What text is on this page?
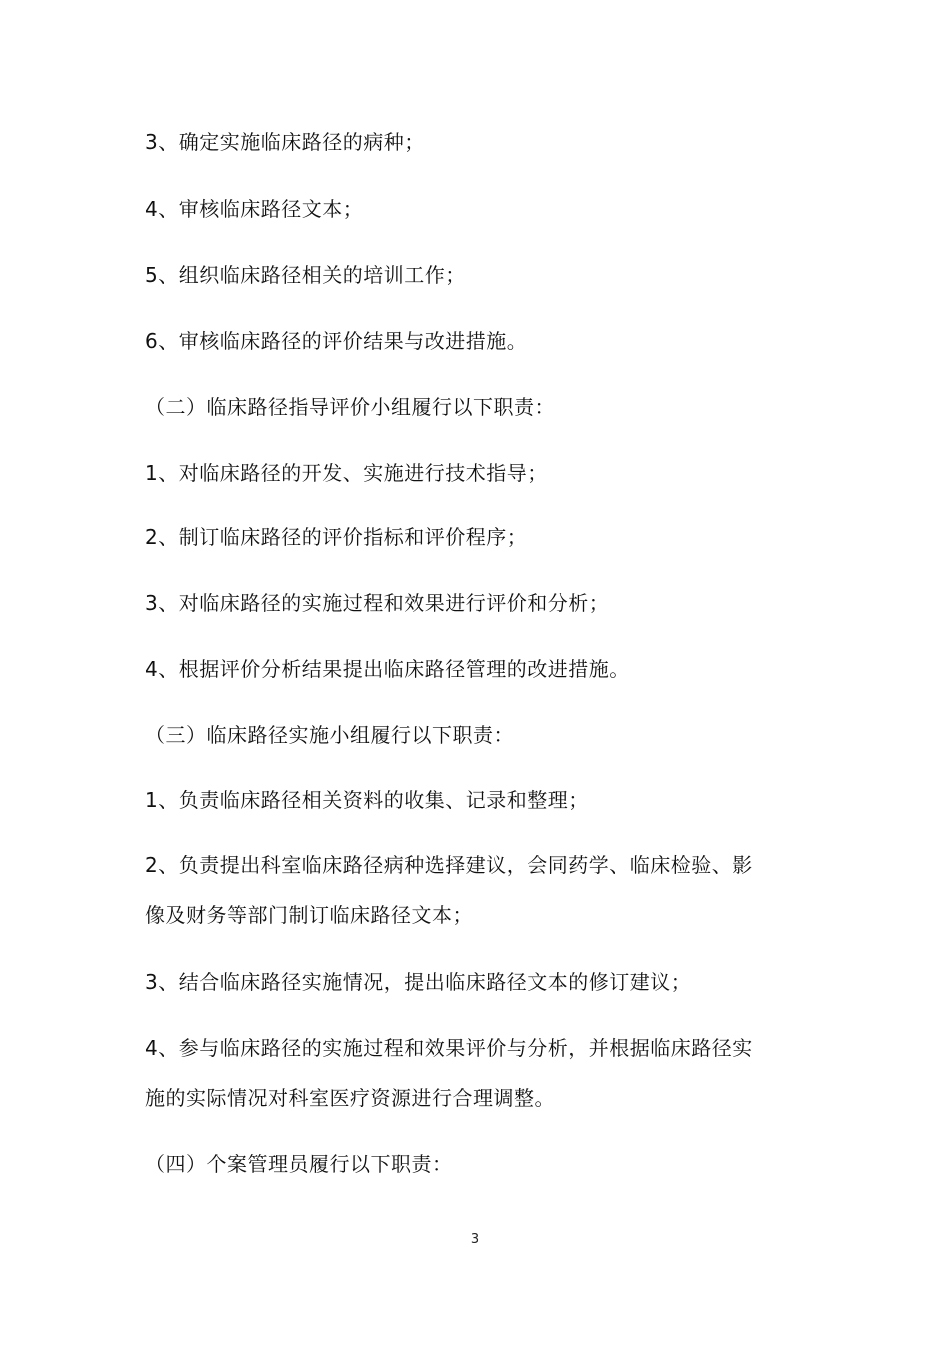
3、确定实施临床路径的病种；
4、审核临床路径文本；
5、组织临床路径相关的培训工作；
6、审核临床路径的评价结果与改进措施。
（二）临床路径指导评价小组履行以下职责：
1、对临床路径的开发、实施进行技术指导；
2、制订临床路径的评价指标和评价程序；
3、对临床路径的实施过程和效果进行评价和分析；
4、根据评价分析结果提出临床路径管理的改进措施。
（三）临床路径实施小组履行以下职责：
1、负责临床路径相关资料的收集、记录和整理；
2、负责提出科室临床路径病种选择建议，会同药学、临床检验、影
像及财务等部门制订临床路径文本；
3、结合临床路径实施情况，提出临床路径文本的修订建议；
4、参与临床路径的实施过程和效果评价与分析，并根据临床路径实
施的实际情况对科室医疗资源进行合理调整。
（四）个案管理员履行以下职责：
3
